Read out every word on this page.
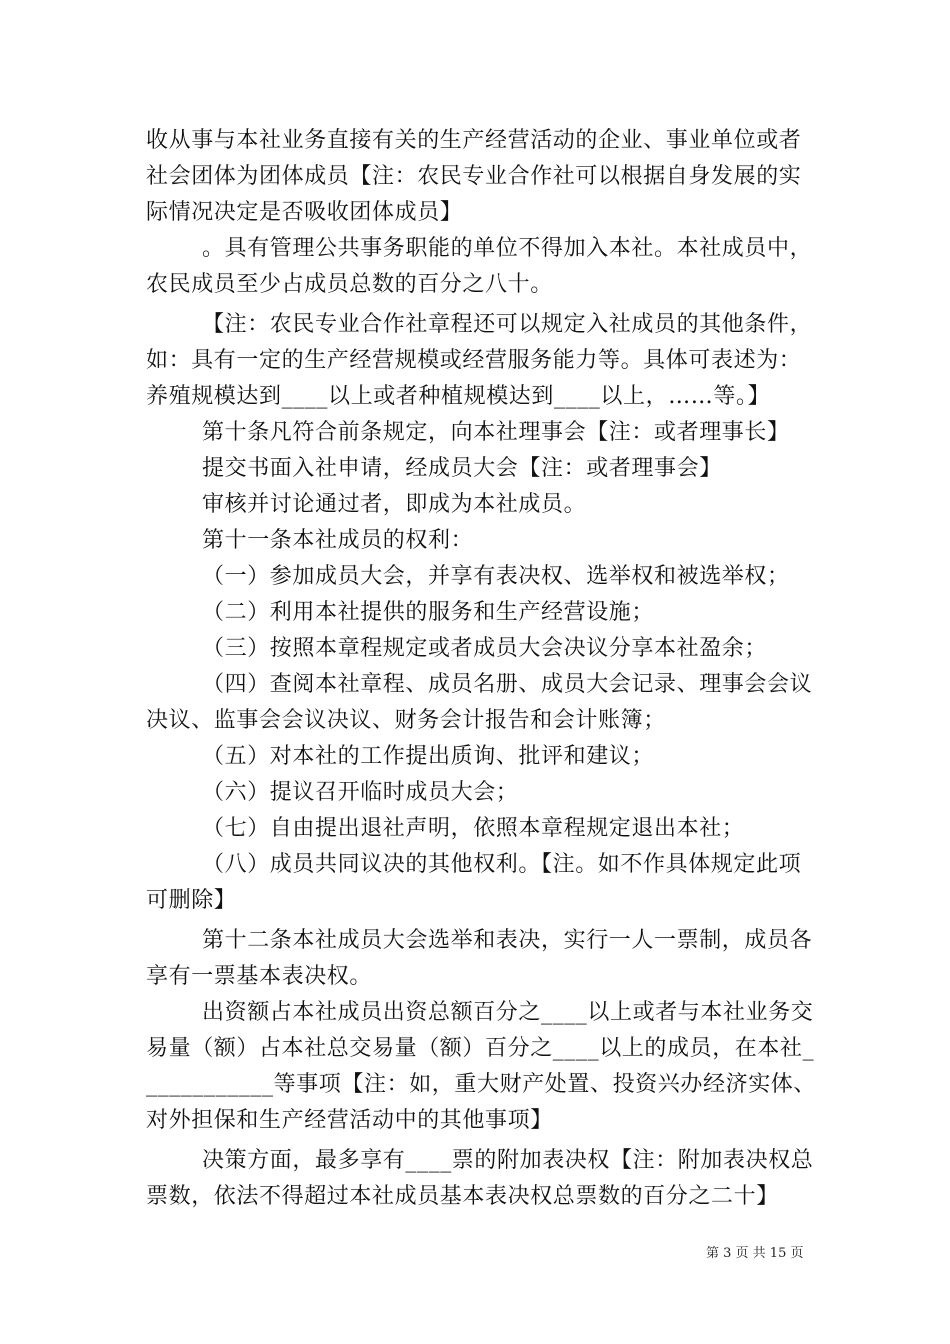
收从事与本社业务直接有关的生产经营活动的企业、事业单位或者
社会团体为团体成员【注：农民专业合作社可以根据自身发展的实
际情况决定是否吸收团体成员】
。具有管理公共事务职能的单位不得加入本社。本社成员中，
农民成员至少占成员总数的百分之八十。
【注：农民专业合作社章程还可以规定入社成员的其他条件，
如：具有一定的生产经营规模或经营服务能力等。具体可表述为：
养殖规模达到____以上或者种植规模达到____以上，……等。】
第十条凡符合前条规定，向本社理事会【注：或者理事长】
提交书面入社申请，经成员大会【注：或者理事会】
审核并讨论通过者，即成为本社成员。
第十一条本社成员的权利：
（一）参加成员大会，并享有表决权、选举权和被选举权；
（二）利用本社提供的服务和生产经营设施；
（三）按照本章程规定或者成员大会决议分享本社盈余；
（四）查阅本社章程、成员名册、成员大会记录、理事会会议
决议、监事会会议决议、财务会计报告和会计账簿；
（五）对本社的工作提出质询、批评和建议；
（六）提议召开临时成员大会；
（七）自由提出退社声明，依照本章程规定退出本社；
（八）成员共同议决的其他权利。【注。如不作具体规定此项
可删除】
第十二条本社成员大会选举和表决，实行一人一票制，成员各
享有一票基本表决权。
出资额占本社成员出资总额百分之____以上或者与本社业务交
易量（额）占本社总交易量（额）百分之____以上的成员，在本社_
___________等事项【注：如，重大财产处置、投资兴办经济实体、
对外担保和生产经营活动中的其他事项】
决策方面，最多享有____票的附加表决权【注：附加表决权总
票数，依法不得超过本社成员基本表决权总票数的百分之二十】
第 3 页 共 15 页
